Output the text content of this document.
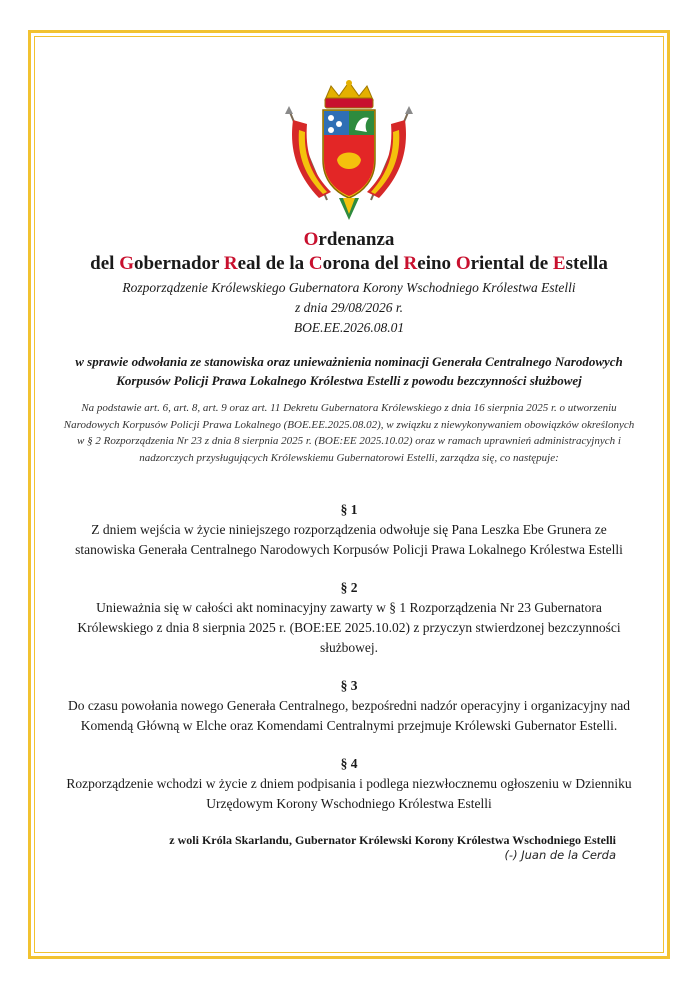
Ordenanza
del Gobernador Real de la Corona del Reino Oriental de Estella
Rozporządzenie Królewskiego Gubernatora Korony Wschodniego Królestwa Estelli
z dnia 29/08/2026 r.
BOE.EE.2026.08.01
w sprawie odwołania ze stanowiska oraz unieważnienia nominacji Generała Centralnego Narodowych Korpusów Policji Prawa Lokalnego Królestwa Estelli z powodu bezczynności służbowej
Na podstawie art. 6, art. 8, art. 9 oraz art. 11 Dekretu Gubernatora Królewskiego z dnia 16 sierpnia 2025 r. o utworzeniu Narodowych Korpusów Policji Prawa Lokalnego (BOE.EE.2025.08.02), w związku z niewykonywaniem obowiązków określonych w § 2 Rozporządzenia Nr 23 z dnia 8 sierpnia 2025 r. (BOE:EE 2025.10.02) oraz w ramach uprawnień administracyjnych i nadzorczych przysługujących Królewskiemu Gubernatorowi Estelli, zarządza się, co następuje:
§ 1
Z dniem wejścia w życie niniejszego rozporządzenia odwołuje się Pana Leszka Ebe Grunera ze stanowiska Generała Centralnego Narodowych Korpusów Policji Prawa Lokalnego Królestwa Estelli
§ 2
Unieważnia się w całości akt nominacyjny zawarty w § 1 Rozporządzenia Nr 23 Gubernatora Królewskiego z dnia 8 sierpnia 2025 r. (BOE:EE 2025.10.02) z przyczyn stwierdzonej bezczynności służbowej.
§ 3
Do czasu powołania nowego Generała Centralnego, bezpośredni nadzór operacyjny i organizacyjny nad Komendą Główną w Elche oraz Komendami Centralnymi przejmuje Królewski Gubernator Estelli.
§ 4
Rozporządzenie wchodzi w życie z dniem podpisania i podlega niezwłocznemu ogłoszeniu w Dzienniku Urzędowym Korony Wschodniego Królestwa Estelli
z woli Króla Skarlandu, Gubernator Królewski Korony Królestwa Wschodniego Estelli
(-) Juan de la Cerda
